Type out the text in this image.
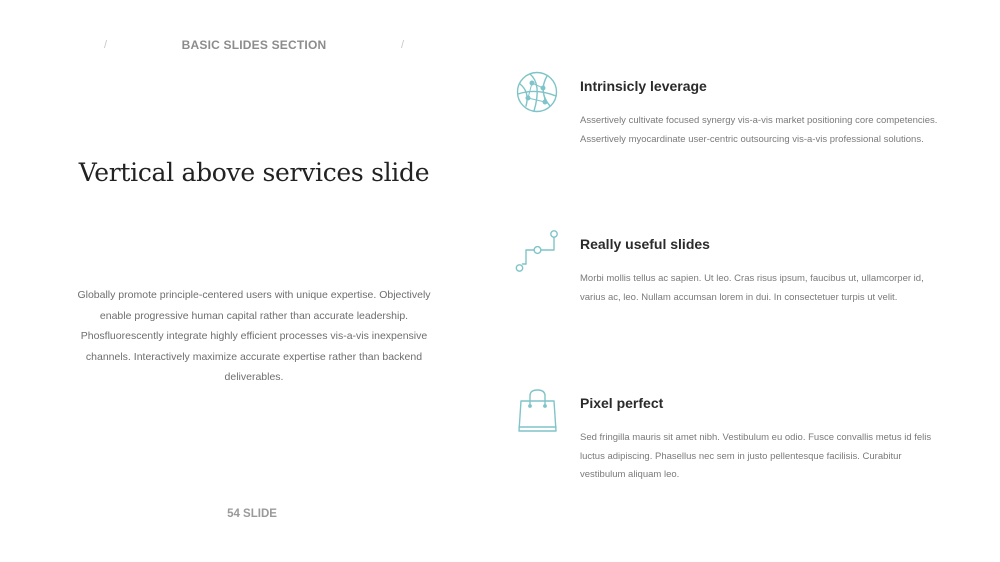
/	BASIC SLIDES SECTION	/
Vertical above services slide

Globally promote principle-centered users with unique expertise. Objectively enable progressive human capital rather than accurate leadership. Phosfluorescently integrate highly efficient processes vis-a-vis inexpensive channels. Interactively maximize accurate expertise rather than backend deliverables.

54 SLIDE
Intrinsicly leverage

Assertively cultivate focused synergy vis-a-vis market positioning core competencies. Assertively myocardinate user-centric outsourcing vis-a-vis professional solutions.

Really useful slides

Morbi mollis tellus ac sapien. Ut leo. Cras risus ipsum, faucibus ut, ullamcorper id, varius ac, leo. Nullam accumsan lorem in dui. In consectetuer turpis ut velit.

Pixel perfect

Sed fringilla mauris sit amet nibh. Vestibulum eu odio. Fusce convallis metus id felis luctus adipiscing. Phasellus nec sem in justo pellentesque facilisis. Curabitur vestibulum aliquam leo.
